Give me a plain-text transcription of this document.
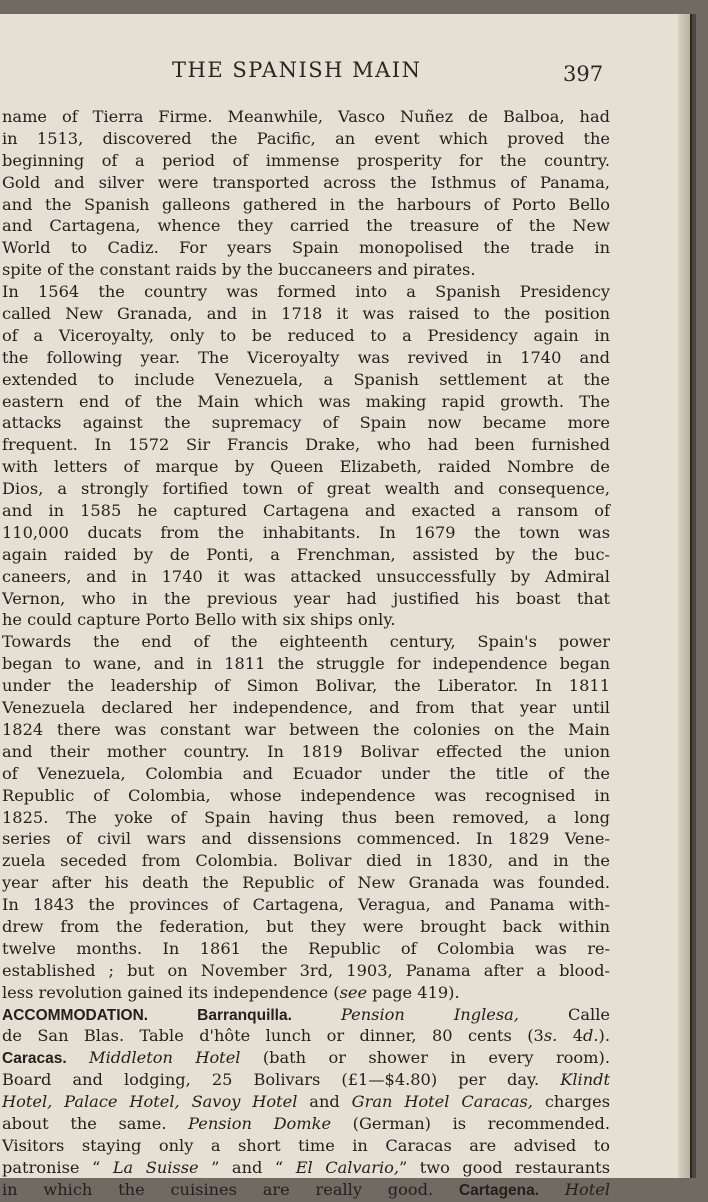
THE SPANISH MAIN	397
name of Tierra Firme. Meanwhile, Vasco Nuñez de Balboa, had
in 1513, discovered the Pacific, an event which proved the
beginning of a period of immense prosperity for the country.
Gold and silver were transported across the Isthmus of Panama,
and the Spanish galleons gathered in the harbours of Porto Bello
and Cartagena, whence they carried the treasure of the New
World to Cadiz. For years Spain monopolised the trade in
spite of the constant raids by the buccaneers and pirates.
In 1564 the country was formed into a Spanish Presidency
called New Granada, and in 1718 it was raised to the position
of a Viceroyalty, only to be reduced to a Presidency again in
the following year. The Viceroyalty was revived in 1740 and
extended to include Venezuela, a Spanish settlement at the
eastern end of the Main which was making rapid growth. The
attacks against the supremacy of Spain now became more
frequent. In 1572 Sir Francis Drake, who had been furnished
with letters of marque by Queen Elizabeth, raided Nombre de
Dios, a strongly fortified town of great wealth and consequence,
and in 1585 he captured Cartagena and exacted a ransom of
110,000 ducats from the inhabitants. In 1679 the town was
again raided by de Ponti, a Frenchman, assisted by the buc-
caneers, and in 1740 it was attacked unsuccessfully by Admiral
Vernon, who in the previous year had justified his boast that
he could capture Porto Bello with six ships only.
Towards the end of the eighteenth century, Spain's power
began to wane, and in 1811 the struggle for independence began
under the leadership of Simon Bolivar, the Liberator. In 1811
Venezuela declared her independence, and from that year until
1824 there was constant war between the colonies on the Main
and their mother country. In 1819 Bolivar effected the union
of Venezuela, Colombia and Ecuador under the title of the
Republic of Colombia, whose independence was recognised in
1825. The yoke of Spain having thus been removed, a long
series of civil wars and dissensions commenced. In 1829 Vene-
zuela seceded from Colombia. Bolivar died in 1830, and in the
year after his death the Republic of New Granada was founded.
In 1843 the provinces of Cartagena, Veragua, and Panama with-
drew from the federation, but they were brought back within
twelve months. In 1861 the Republic of Colombia was re-
established ; but on November 3rd, 1903, Panama after a blood-
less revolution gained its independence (see page 419).
ACCOMMODATION.	Barranquilla.	Pension Inglesa, Calle
de San Blas. Table d'hôte lunch or dinner, 80 cents (3s. 4d.).
Caracas. Middleton Hotel (bath or shower in every room).
Board and lodging, 25 Bolivars (£1—$4.80) per day. Klindt
Hotel, Palace Hotel, Savoy Hotel and Gran Hotel Caracas, charges
about the same. Pension Domke (German) is recommended.
Visitors staying only a short time in Caracas are advised to
patronise “ La Suisse ” and “ El Calvario,” two good restaurants
in which the cuisines are really good. Cartagena. Hotel
